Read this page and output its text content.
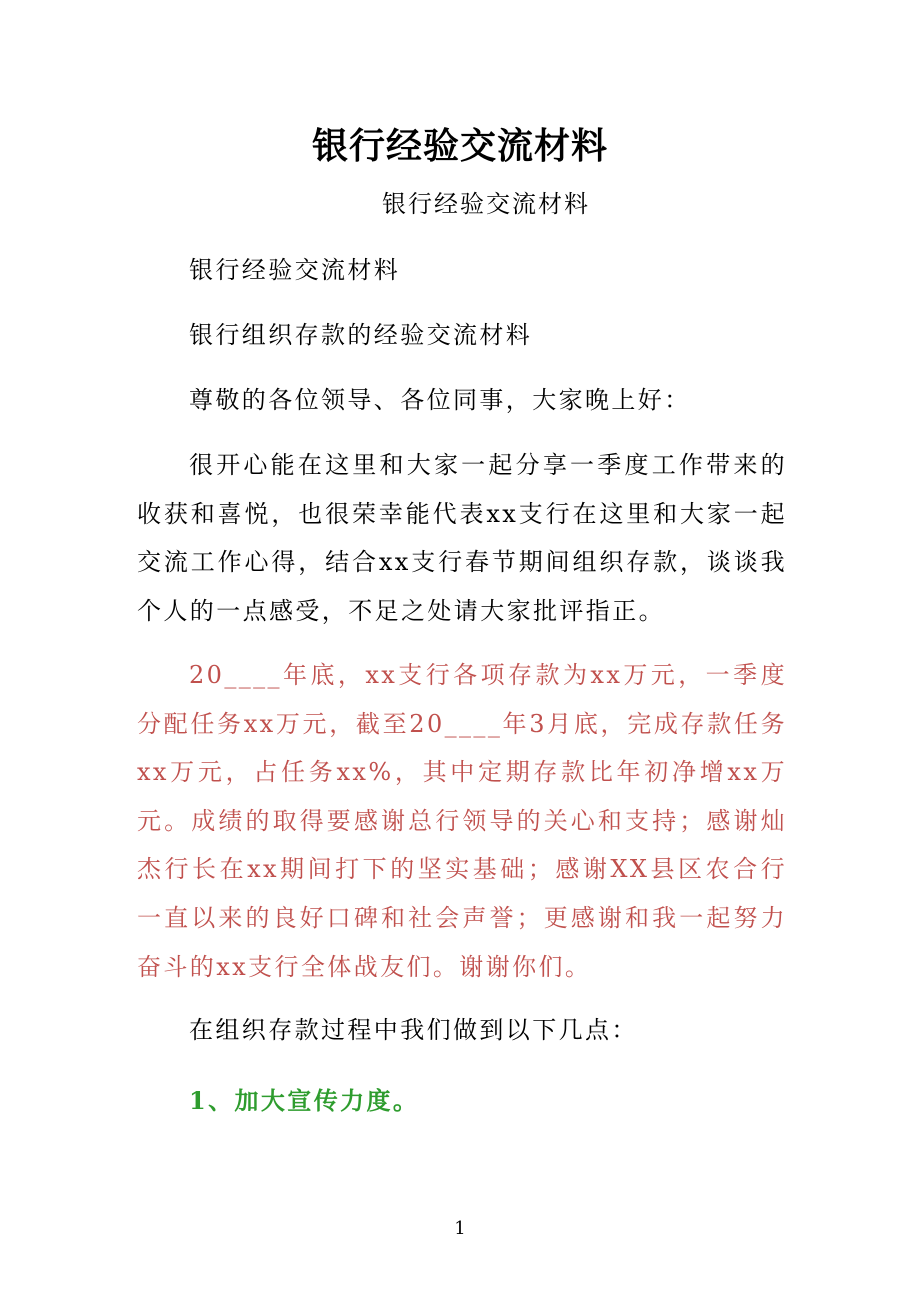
银行经验交流材料

银行经验交流材料

银行经验交流材料

银行组织存款的经验交流材料

尊敬的各位领导、各位同事，大家晚上好：

很开心能在这里和大家一起分享一季度工作带来的收获和喜悦，也很荣幸能代表xx支行在这里和大家一起交流工作心得，结合xx支行春节期间组织存款，谈谈我个人的一点感受，不足之处请大家批评指正。

20____年底，xx支行各项存款为xx万元，一季度分配任务xx万元，截至20____年3月底，完成存款任务xx万元，占任务xx%，其中定期存款比年初净增xx万元。成绩的取得要感谢总行领导的关心和支持；感谢灿杰行长在xx期间打下的坚实基础；感谢XX县区农合行一直以来的良好口碑和社会声誉；更感谢和我一起努力奋斗的xx支行全体战友们。谢谢你们。

在组织存款过程中我们做到以下几点：

1、加大宣传力度。

1
